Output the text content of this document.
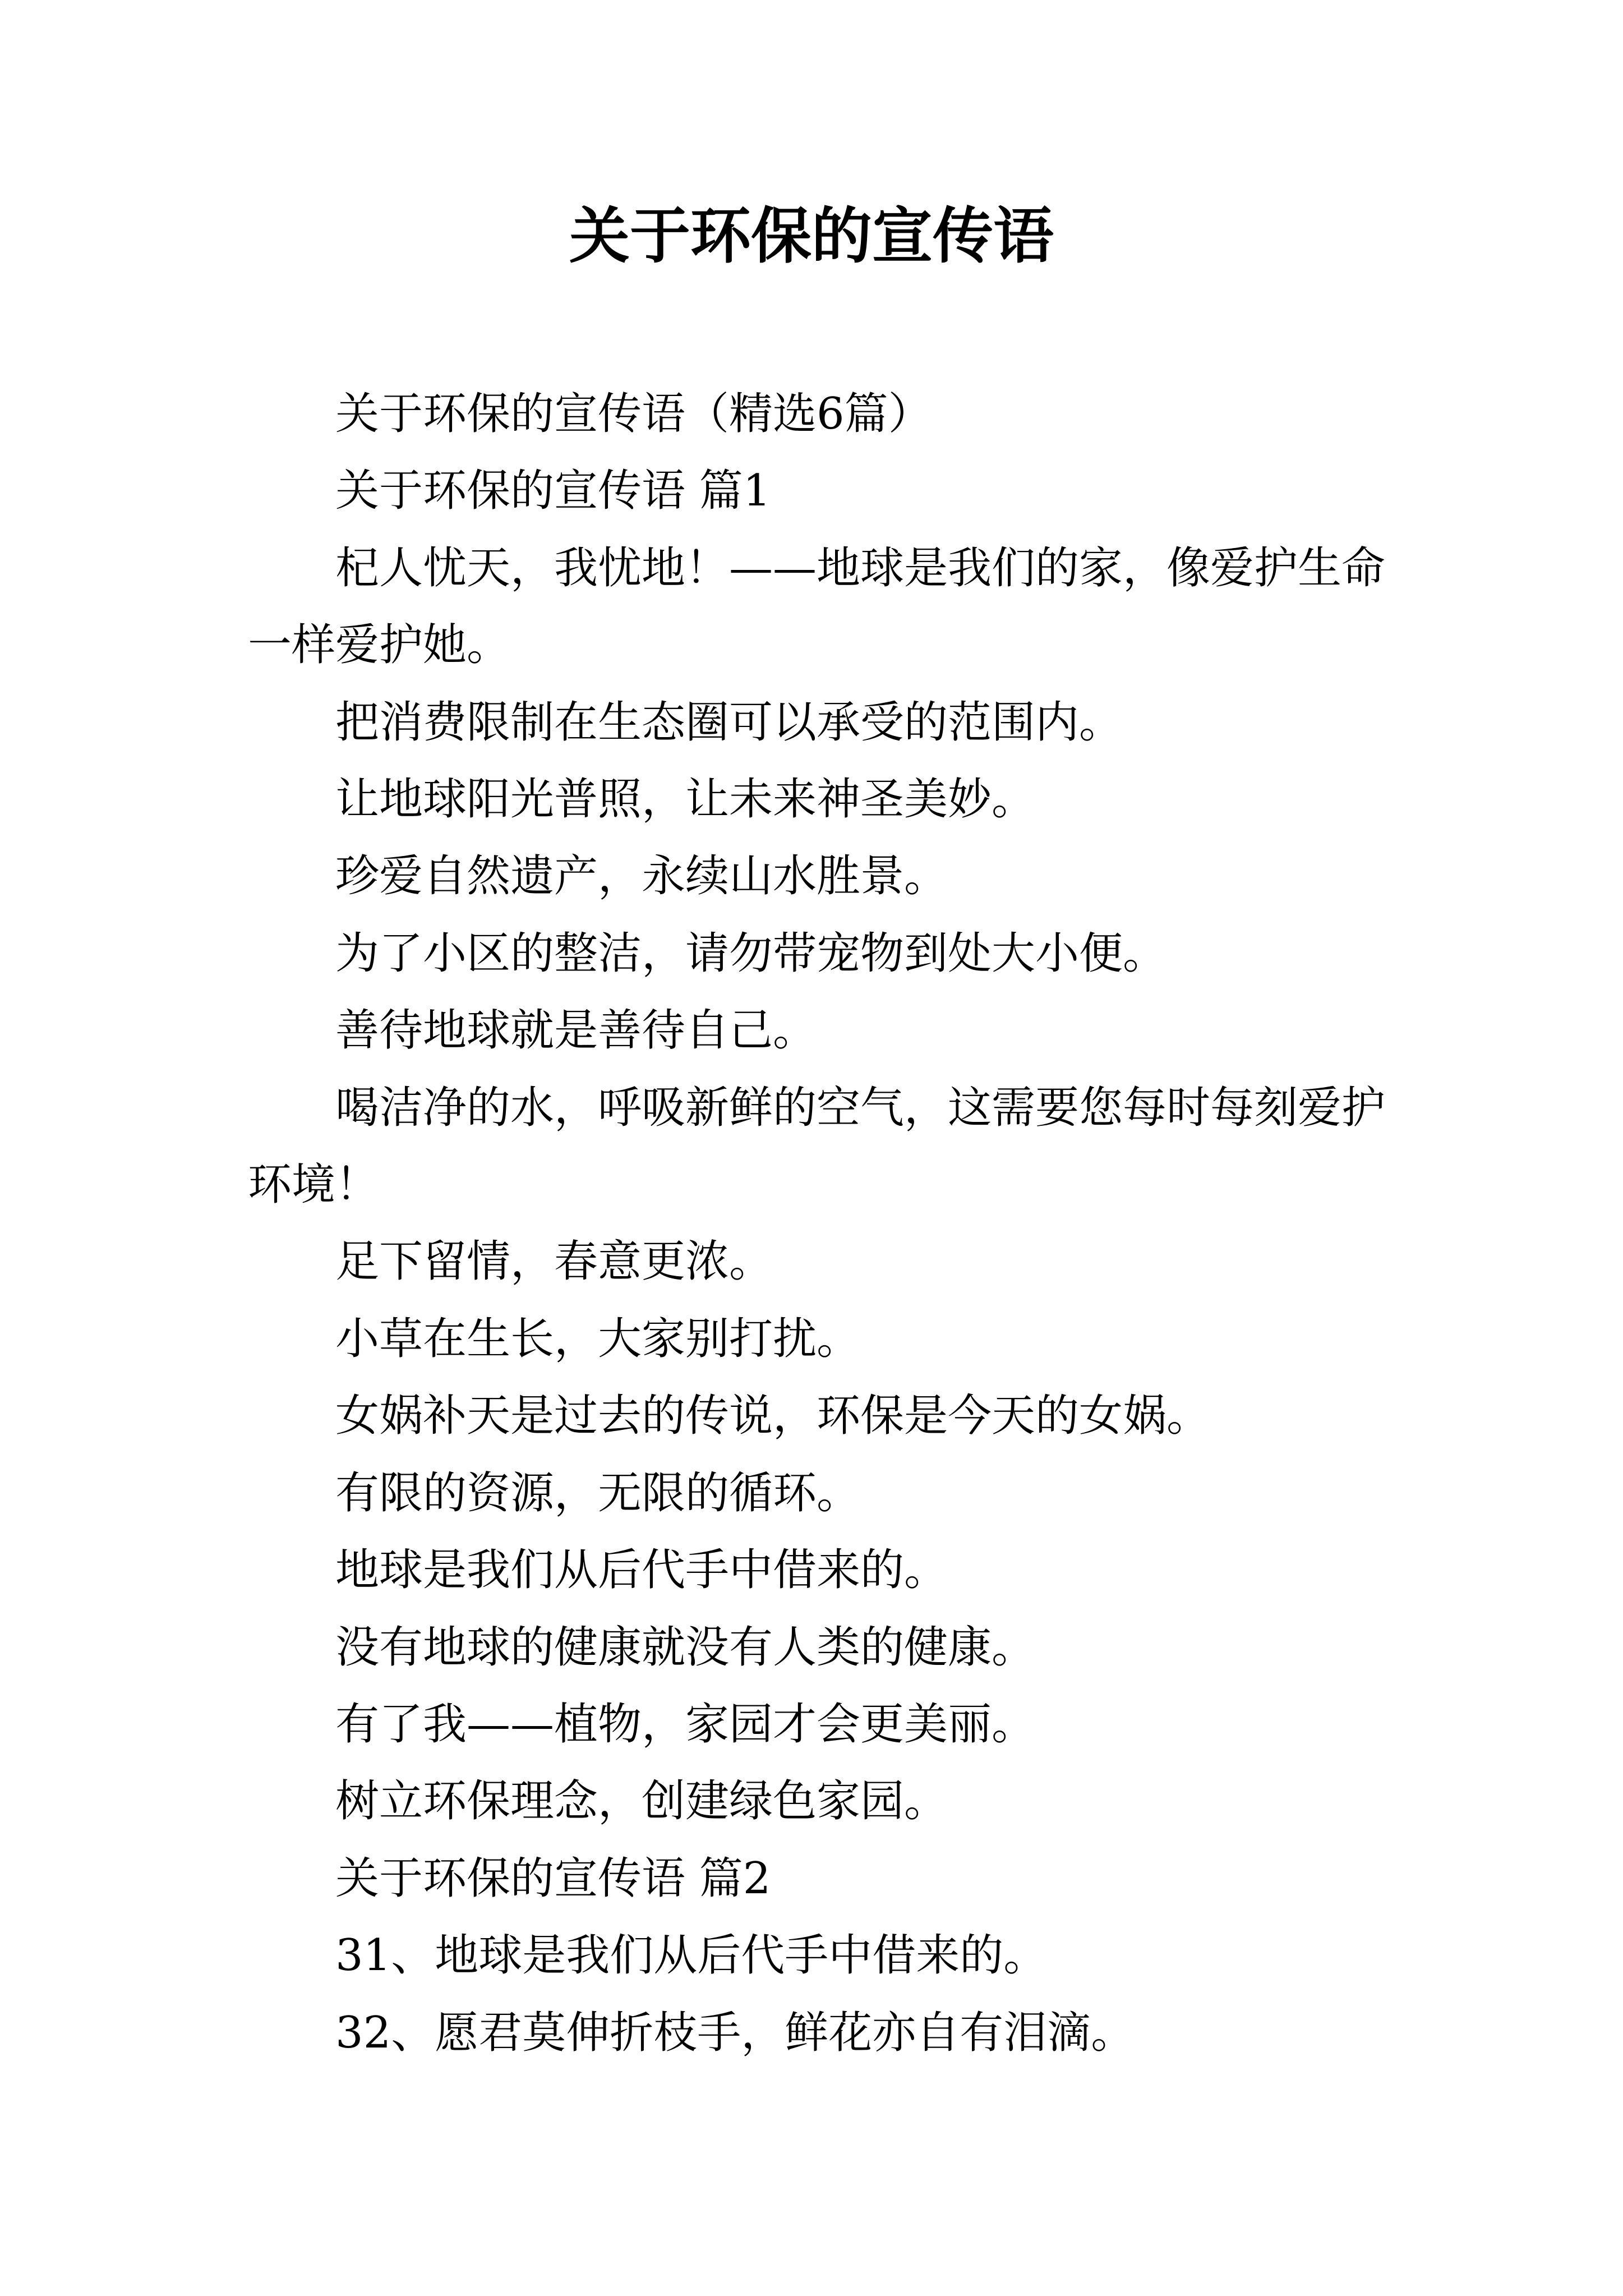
关于环保的宣传语

关于环保的宣传语（精选6篇）

关于环保的宣传语 篇1

杞人忧天，我忧地！——地球是我们的家，像爱护生命一样爱护她。

把消费限制在生态圈可以承受的范围内。

让地球阳光普照，让未来神圣美妙。

珍爱自然遗产，永续山水胜景。

为了小区的整洁，请勿带宠物到处大小便。

善待地球就是善待自己。

喝洁净的水，呼吸新鲜的空气，这需要您每时每刻爱护环境！

足下留情，春意更浓。

小草在生长，大家别打扰。

女娲补天是过去的传说，环保是今天的女娲。

有限的资源，无限的循环。

地球是我们从后代手中借来的。

没有地球的健康就没有人类的健康。

有了我——植物，家园才会更美丽。

树立环保理念，创建绿色家园。

关于环保的宣传语 篇2

31、地球是我们从后代手中借来的。

32、愿君莫伸折枝手，鲜花亦自有泪滴。
